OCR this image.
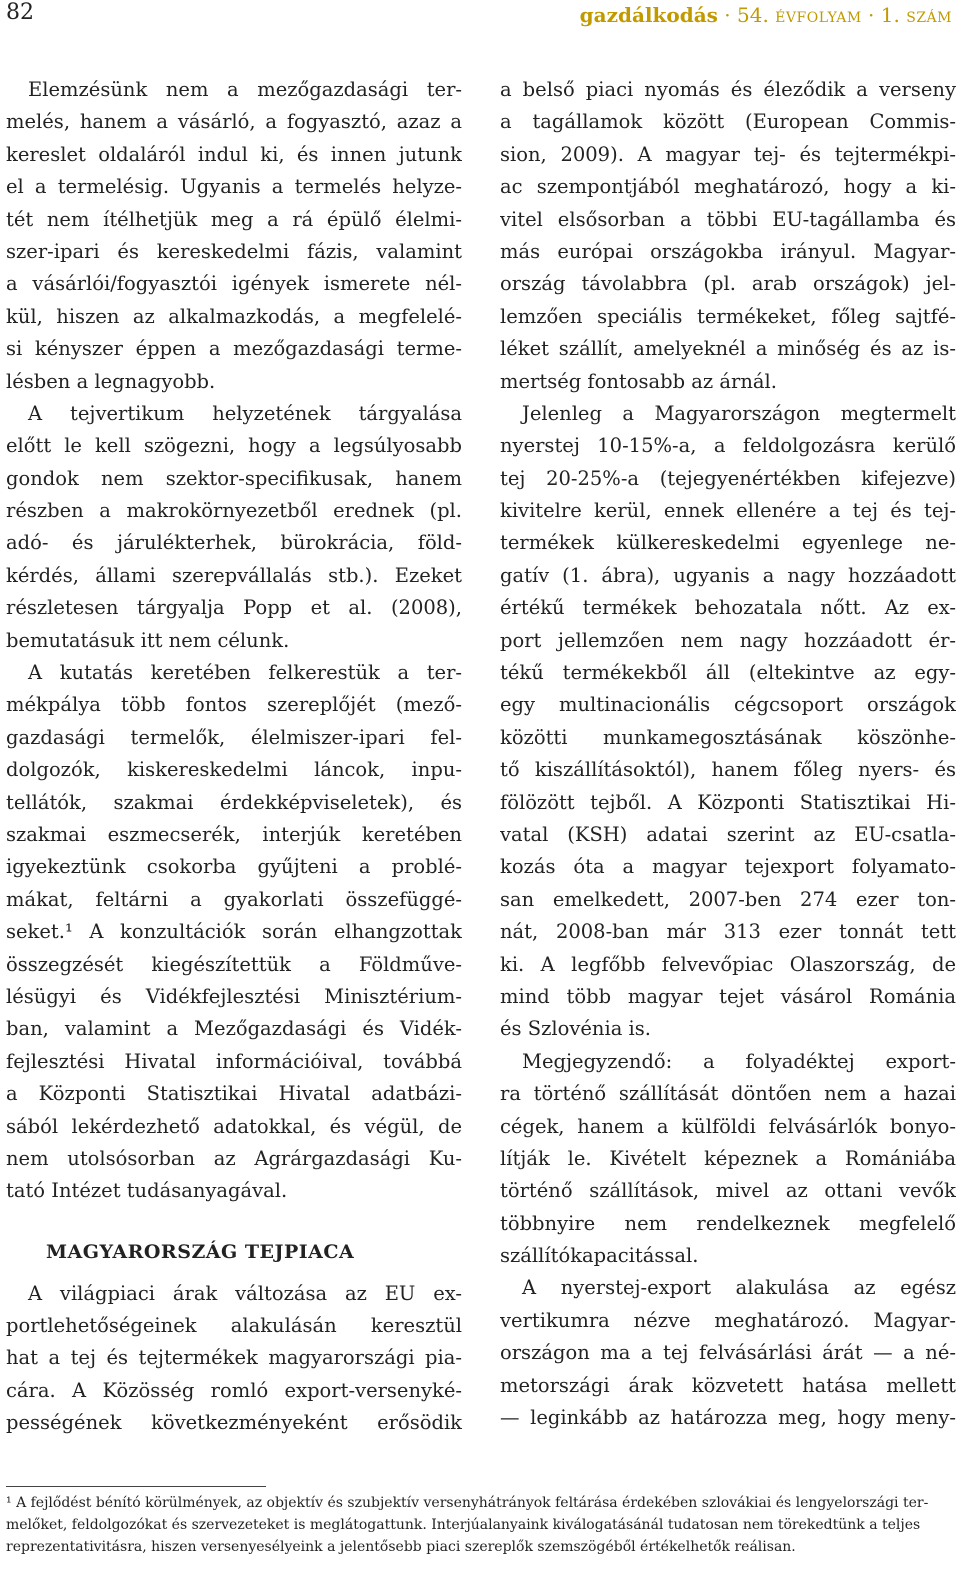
82	gazdálkodás · 54. ÉVFOLYAM · 1. SZÁM
Elemzésünk nem a mezőgazdasági ter-
melés, hanem a vásárló, a fogyasztó, azaz a
kereslet oldaláról indul ki, és innen jutunk
el a termelésig. Ugyanis a termelés helyze-
tét nem ítélhetjük meg a rá épülő élelmi-
szer-ipari és kereskedelmi fázis, valamint
a vásárlói/fogyasztói igények ismerete nél-
kül, hiszen az alkalmazkodás, a megfelelé-
si kényszer éppen a mezőgazdasági terme-
lésben a legnagyobb.
A tejvertikum helyzetének tárgyalása
előtt le kell szögezni, hogy a legsúlyosabb
gondok nem szektor-specifikusak, hanem
részben a makrokörnyezetből erednek (pl.
adó- és járulékterhek, bürokrácia, föld-
kérdés, állami szerepvállalás stb.). Ezeket
részletesen tárgyalja Popp et al. (2008),
bemutatásuk itt nem célunk.
A kutatás keretében felkerestük a ter-
mékpálya több fontos szereplőjét (mező-
gazdasági termelők, élelmiszer-ipari fel-
dolgozók, kiskereskedelmi láncok, inpu-
tellátók, szakmai érdekképviseletek), és
szakmai eszmecserék, interjúk keretében
igyekeztünk csokorba gyűjteni a problé-
mákat, feltárni a gyakorlati összefüggé-
seket.¹ A konzultációk során elhangzottak
összegzését kiegészítettük a Földműve-
lésügyi és Vidékfejlesztési Minisztérium-
ban, valamint a Mezőgazdasági és Vidék-
fejlesztési Hivatal információival, továbbá
a Központi Statisztikai Hivatal adatbázi-
sából lekérdezhető adatokkal, és végül, de
nem utolsósorban az Agrárgazdasági Ku-
tató Intézet tudásanyagával.
MAGYARORSZÁG TEJPIACA
A világpiaci árak változása az EU ex-
portlehetőségeinek alakulásán keresztül
hat a tej és tejtermékek magyarországi pia-
cára. A Közösség romló export-versenyké-
pességének következményeként erősödik
a belső piaci nyomás és éleződik a verseny
a tagállamok között (European Commis-
sion, 2009). A magyar tej- és tejtermékpi-
ac szempontjából meghatározó, hogy a ki-
vitel elsősorban a többi EU-tagállamba és
más európai országokba irányul. Magyar-
ország távolabbra (pl. arab országok) jel-
lemzően speciális termékeket, főleg sajtfé-
léket szállít, amelyeknél a minőség és az is-
mertség fontosabb az árnál.
Jelenleg a Magyarországon megtermelt
nyerstej 10-15%-a, a feldolgozásra kerülő
tej 20-25%-a (tejegyenértékben kifejezve)
kivitelre kerül, ennek ellenére a tej és tej-
termékek külkereskedelmi egyenlege ne-
gatív (1. ábra), ugyanis a nagy hozzáadott
értékű termékek behozatala nőtt. Az ex-
port jellemzően nem nagy hozzáadott ér-
tékű termékekből áll (eltekintve az egy-
egy multinacionális cégcsoport országok
közötti munkamegosztásának köszönhe-
tő kiszállításoktól), hanem főleg nyers- és
fölözött tejből. A Központi Statisztikai Hi-
vatal (KSH) adatai szerint az EU-csatla-
kozás óta a magyar tejexport folyamato-
san emelkedett, 2007-ben 274 ezer ton-
nát, 2008-ban már 313 ezer tonnát tett
ki. A legfőbb felvevőpiac Olaszország, de
mind több magyar tejet vásárol Románia
és Szlovénia is.
Megjegyzendő: a folyadéktej export-
ra történő szállítását döntően nem a hazai
cégek, hanem a külföldi felvásárlók bonyo-
lítják le. Kivételt képeznek a Romániába
történő szállítások, mivel az ottani vevők
többnyire nem rendelkeznek megfelelő
szállítókapacitással.
A nyerstej-export alakulása az egész
vertikumra nézve meghatározó. Magyar-
országon ma a tej felvásárlási árát — a né-
metországi árak közvetett hatása mellett
— leginkább az határozza meg, hogy meny-
¹ A fejlődést bénító körülmények, az objektív és szubjektív versenyhátrányok feltárása érdekében szlovákiai és lengyelországi ter-
melőket, feldolgozókat és szervezeteket is meglátogattunk. Interjúalanyaink kiválogatásánál tudatosan nem törekedtünk a teljes
reprezentativitásra, hiszen versenyesélyeink a jelentősebb piaci szereplők szemszögéből értékelhetők reálisan.
